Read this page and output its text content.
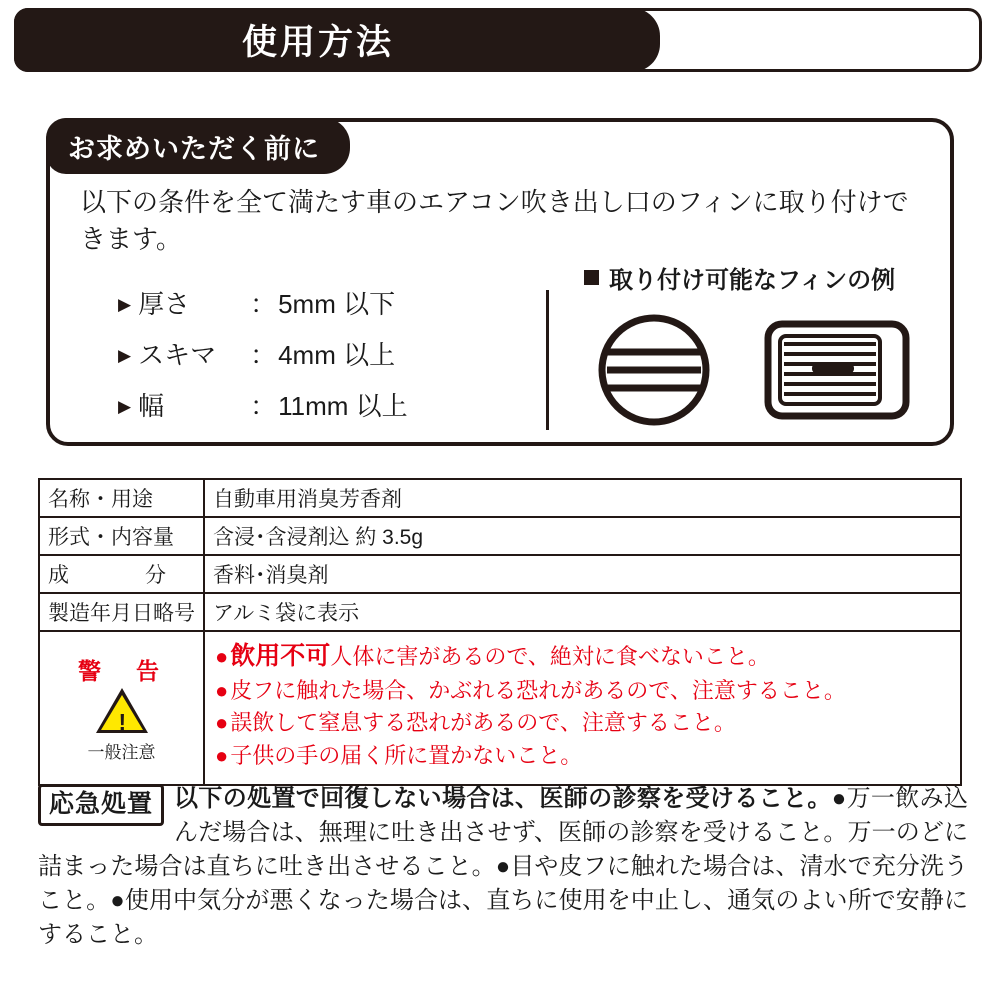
使用方法
お求めいただく前に
以下の条件を全て満たす車のエアコン吹き出し口のフィンに取り付けできます。
▶ 厚さ	： 5mm 以下
▶ スキマ	： 4mm 以上
▶ 幅	： 11mm 以上
取り付け可能なフィンの例
名称・用途	自動車用消臭芳香剤
形式・内容量	含浸･含浸剤込 約 3.5g

成 分	香料･消臭剤
製造年月日略号	アルミ袋に表示

警　告
!
一般注意

● 飲用不可 人体に害があるので、絶対に食べないこと。
● 皮フに触れた場合、かぶれる恐れがあるので、注意すること。
● 誤飲して窒息する恐れがあるので、注意すること。
● 子供の手の届く所に置かないこと。
応急処置 以下の処置で回復しない場合は、医師の診察を受けること。●万一飲み込んだ場合は、無理に吐き出させず、医師の診察を受けること。万一のどに詰まった場合は直ちに吐き出させること。●目や皮フに触れた場合は、清水で充分洗うこと。●使用中気分が悪くなった場合は、直ちに使用を中止し、通気のよい所で安静にすること。
